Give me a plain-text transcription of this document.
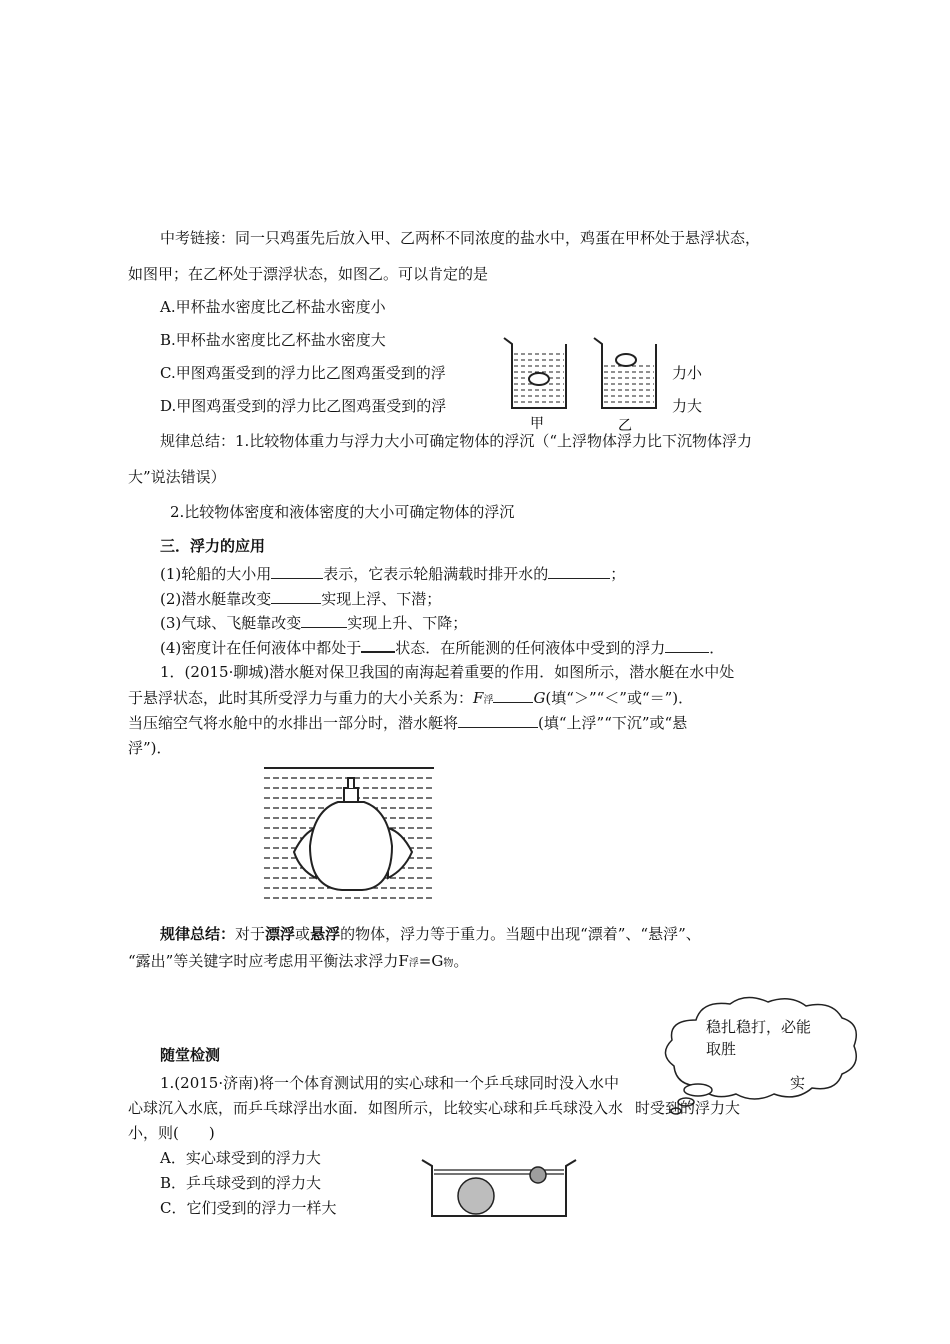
中考链接：同一只鸡蛋先后放入甲、乙两杯不同浓度的盐水中，鸡蛋在甲杯处于悬浮状态，
如图甲；在乙杯处于漂浮状态，如图乙。可以肯定的是
A.甲杯盐水密度比乙杯盐水密度小
B.甲杯盐水密度比乙杯盐水密度大
C.甲图鸡蛋受到的浮力比乙图鸡蛋受到的浮	力小
D.甲图鸡蛋受到的浮力比乙图鸡蛋受到的浮	力大
甲	乙
规律总结：1.比较物体重力与浮力大小可确定物体的浮沉（“上浮物体浮力比下沉物体浮力
大”说法错误）
2.比较物体密度和液体密度的大小可确定物体的浮沉
三．浮力的应用
(1)轮船的大小用	表示，它表示轮船满载时排开水的	；
(2)潜水艇靠改变	实现上浮、下潜；
(3)气球、飞艇靠改变	实现上升、下降；
(4)密度计在任何液体中都处于 状态．在所能测的任何液体中受到的浮力	．
1．(2015·聊城)潜水艇对保卫我国的南海起着重要的作用．如图所示，潜水艇在水中处
于悬浮状态，此时其所受浮力与重力的大小关系为：F浮	G(填“＞”“＜”或“＝”)．
当压缩空气将水舱中的水排出一部分时，潜水艇将	(填“上浮”“下沉”或“悬
浮”)．
规律总结：对于漂浮或悬浮的物体，浮力等于重力。当题中出现“漂着”、“悬浮”、
“露出”等关键字时应考虑用平衡法求浮力F浮=G物。
稳扎稳打，必能取胜
随堂检测
1.(2015·济南)将一个体育测试用的实心球和一个乒乓球同时没入水中	实
心球沉入水底，而乒乓球浮出水面．如图所示，比较实心球和乒乓球没入水 时受到的浮力大
小，则(　　)
A．实心球受到的浮力大
B．乒乓球受到的浮力大
C．它们受到的浮力一样大
